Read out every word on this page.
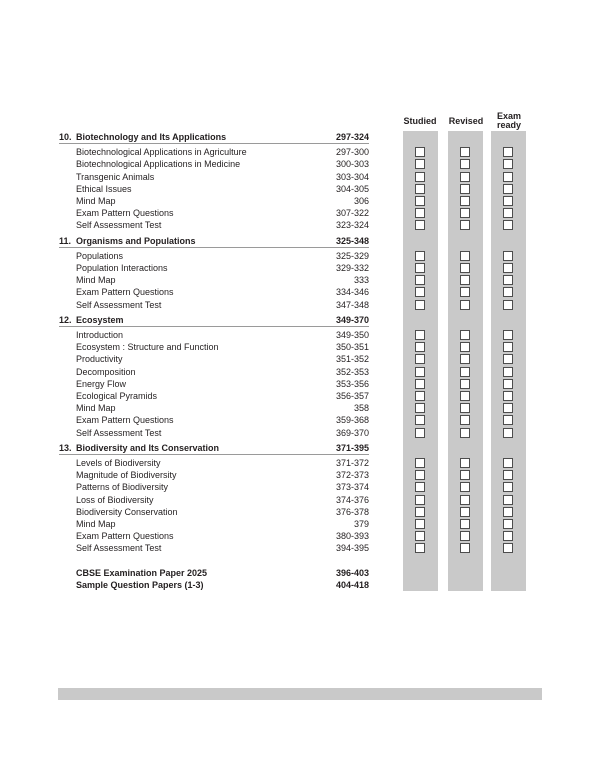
Studied	Revised	Exam
ready
10. Biotechnology and Its Applications	297-324
Biotechnological Applications in Agriculture	297-300
Biotechnological Applications in Medicine	300-303
Transgenic Animals	303-304
Ethical Issues	304-305
Mind Map	306
Exam Pattern Questions	307-322
Self Assessment Test	323-324
11. Organisms and Populations	325-348
Populations	325-329
Population Interactions	329-332
Mind Map	333
Exam Pattern Questions	334-346
Self Assessment Test	347-348
12. Ecosystem	349-370
Introduction	349-350
Ecosystem : Structure and Function	350-351
Productivity	351-352
Decomposition	352-353
Energy Flow	353-356
Ecological Pyramids	356-357
Mind Map	358
Exam Pattern Questions	359-368
Self Assessment Test	369-370
13. Biodiversity and Its Conservation	371-395
Levels of Biodiversity	371-372
Magnitude of Biodiversity	372-373
Patterns of Biodiversity	373-374
Loss of Biodiversity	374-376
Biodiversity Conservation	376-378
Mind Map	379
Exam Pattern Questions	380-393
Self Assessment Test	394-395
CBSE Examination Paper 2025	396-403
Sample Question Papers (1-3)	404-418
